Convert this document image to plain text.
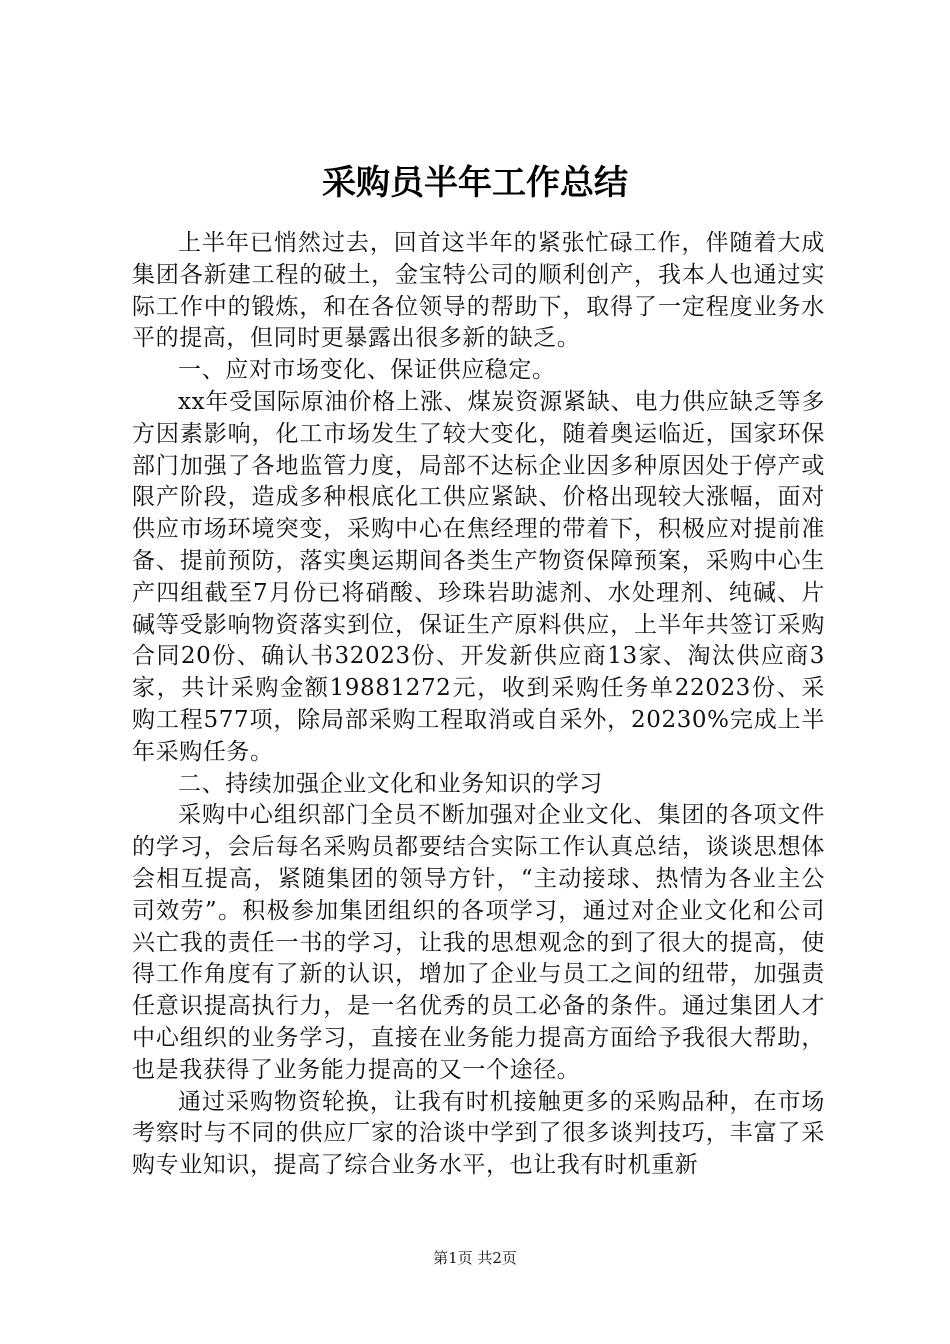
采购员半年工作总结

上半年已悄然过去，回首这半年的紧张忙碌工作，伴随着大成集团各新建工程的破土，金宝特公司的顺利创产，我本人也通过实际工作中的锻炼，和在各位领导的帮助下，取得了一定程度业务水平的提高，但同时更暴露出很多新的缺乏。

一、应对市场变化、保证供应稳定。

xx年受国际原油价格上涨、煤炭资源紧缺、电力供应缺乏等多方因素影响，化工市场发生了较大变化，随着奥运临近，国家环保部门加强了各地监管力度，局部不达标企业因多种原因处于停产或限产阶段，造成多种根底化工供应紧缺、价格出现较大涨幅，面对供应市场环境突变，采购中心在焦经理的带着下，积极应对提前准备、提前预防，落实奥运期间各类生产物资保障预案，采购中心生产四组截至7月份已将硝酸、珍珠岩助滤剂、水处理剂、纯碱、片碱等受影响物资落实到位，保证生产原料供应，上半年共签订采购合同20份、确认书32023份、开发新供应商13家、淘汰供应商3家，共计采购金额19881272元，收到采购任务单22023份、采购工程577项，除局部采购工程取消或自采外，20230%完成上半年采购任务。

二、持续加强企业文化和业务知识的学习

采购中心组织部门全员不断加强对企业文化、集团的各项文件的学习，会后每名采购员都要结合实际工作认真总结，谈谈思想体会相互提高，紧随集团的领导方针，“主动接球、热情为各业主公司效劳”。积极参加集团组织的各项学习，通过对企业文化和公司兴亡我的责任一书的学习，让我的思想观念的到了很大的提高，使得工作角度有了新的认识，增加了企业与员工之间的纽带，加强责任意识提高执行力，是一名优秀的员工必备的条件。通过集团人才中心组织的业务学习，直接在业务能力提高方面给予我很大帮助，也是我获得了业务能力提高的又一个途径。

通过采购物资轮换，让我有时机接触更多的采购品种，在市场考察时与不同的供应厂家的洽谈中学到了很多谈判技巧，丰富了采购专业知识，提高了综合业务水平，也让我有时机重新

第1页 共2页
